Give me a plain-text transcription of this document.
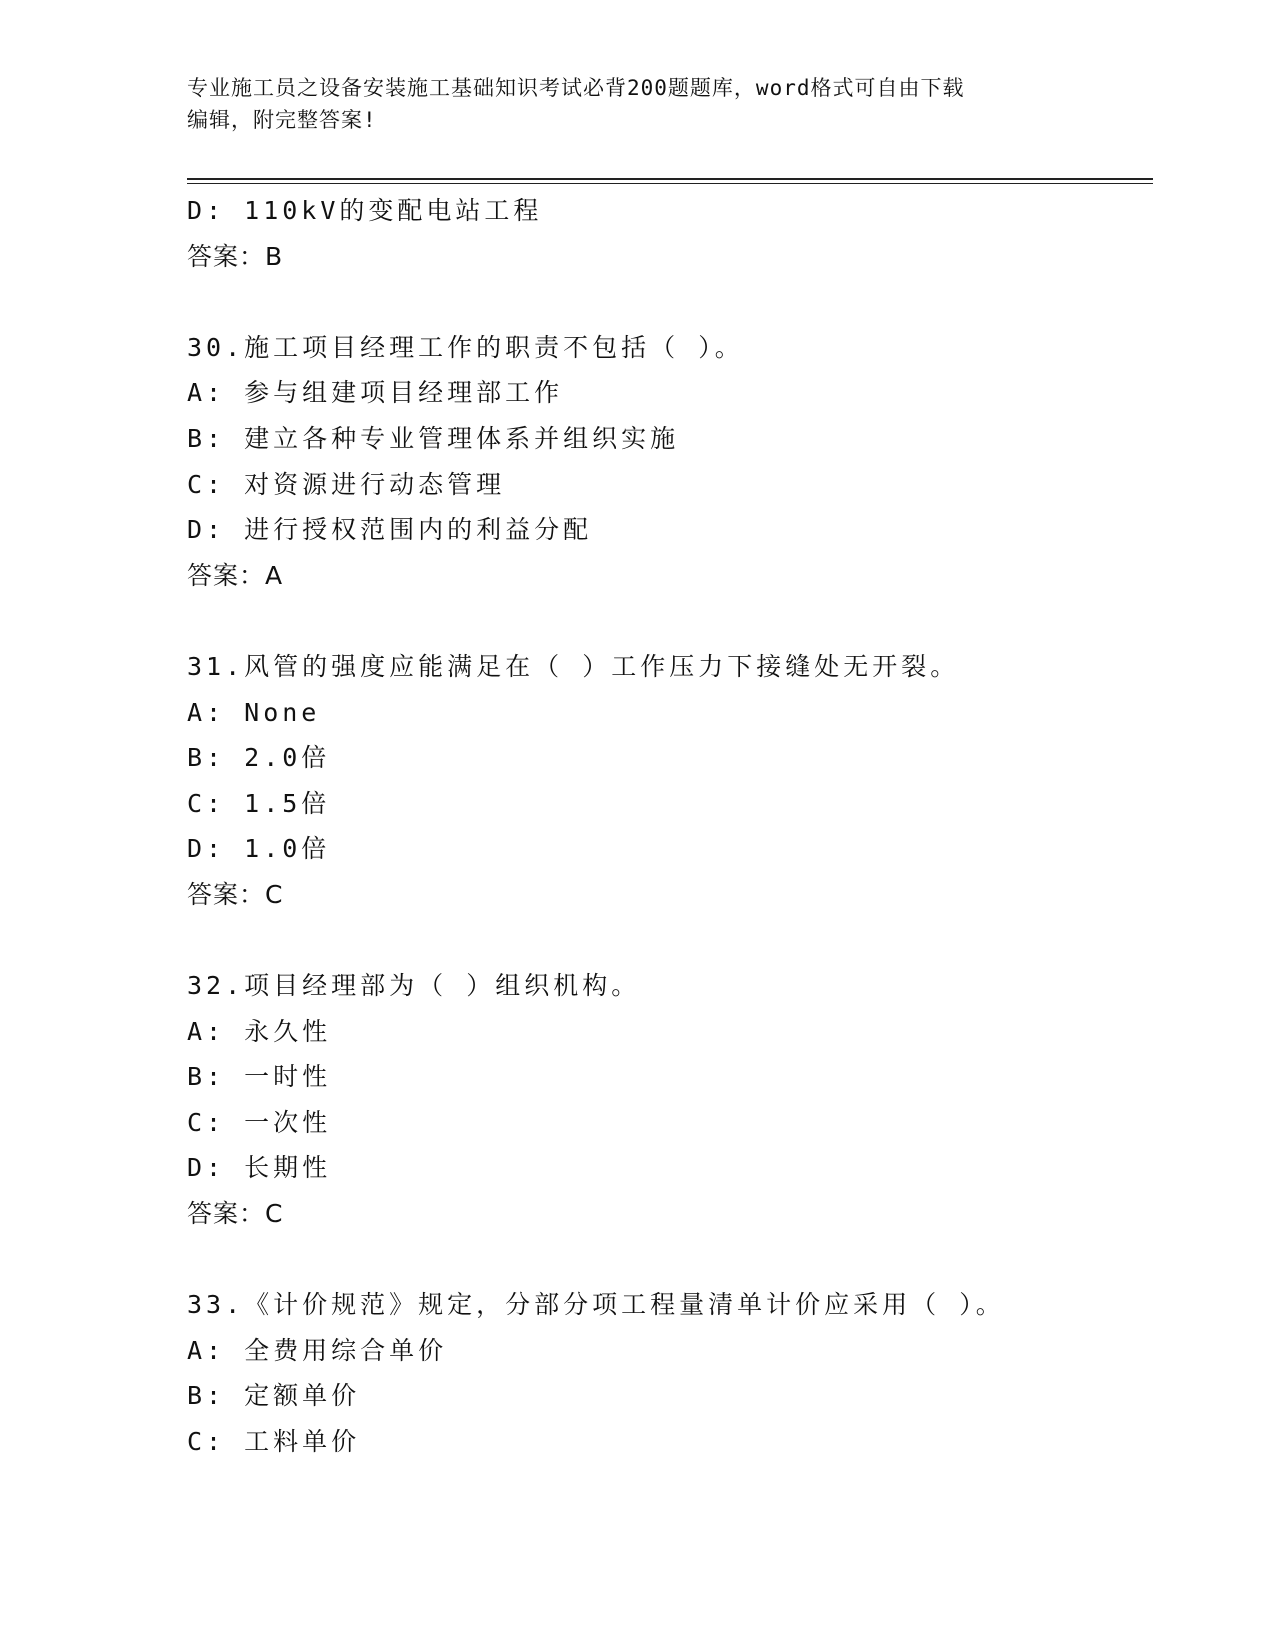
专业施工员之设备安装施工基础知识考试必背200题题库，word格式可自由下载
编辑，附完整答案!
D: 110kV的变配电站工程
答案：B
30.施工项目经理工作的职责不包括（ ）。
A: 参与组建项目经理部工作
B: 建立各种专业管理体系并组织实施
C: 对资源进行动态管理
D: 进行授权范围内的利益分配
答案：A
31.风管的强度应能满足在（ ）工作压力下接缝处无开裂。
A: None
B: 2.0倍
C: 1.5倍
D: 1.0倍
答案：C
32.项目经理部为（ ）组织机构。
A: 永久性
B: 一时性
C: 一次性
D: 长期性
答案：C
33.《计价规范》规定，分部分项工程量清单计价应采用（ ）。
A: 全费用综合单价
B: 定额单价
C: 工料单价
